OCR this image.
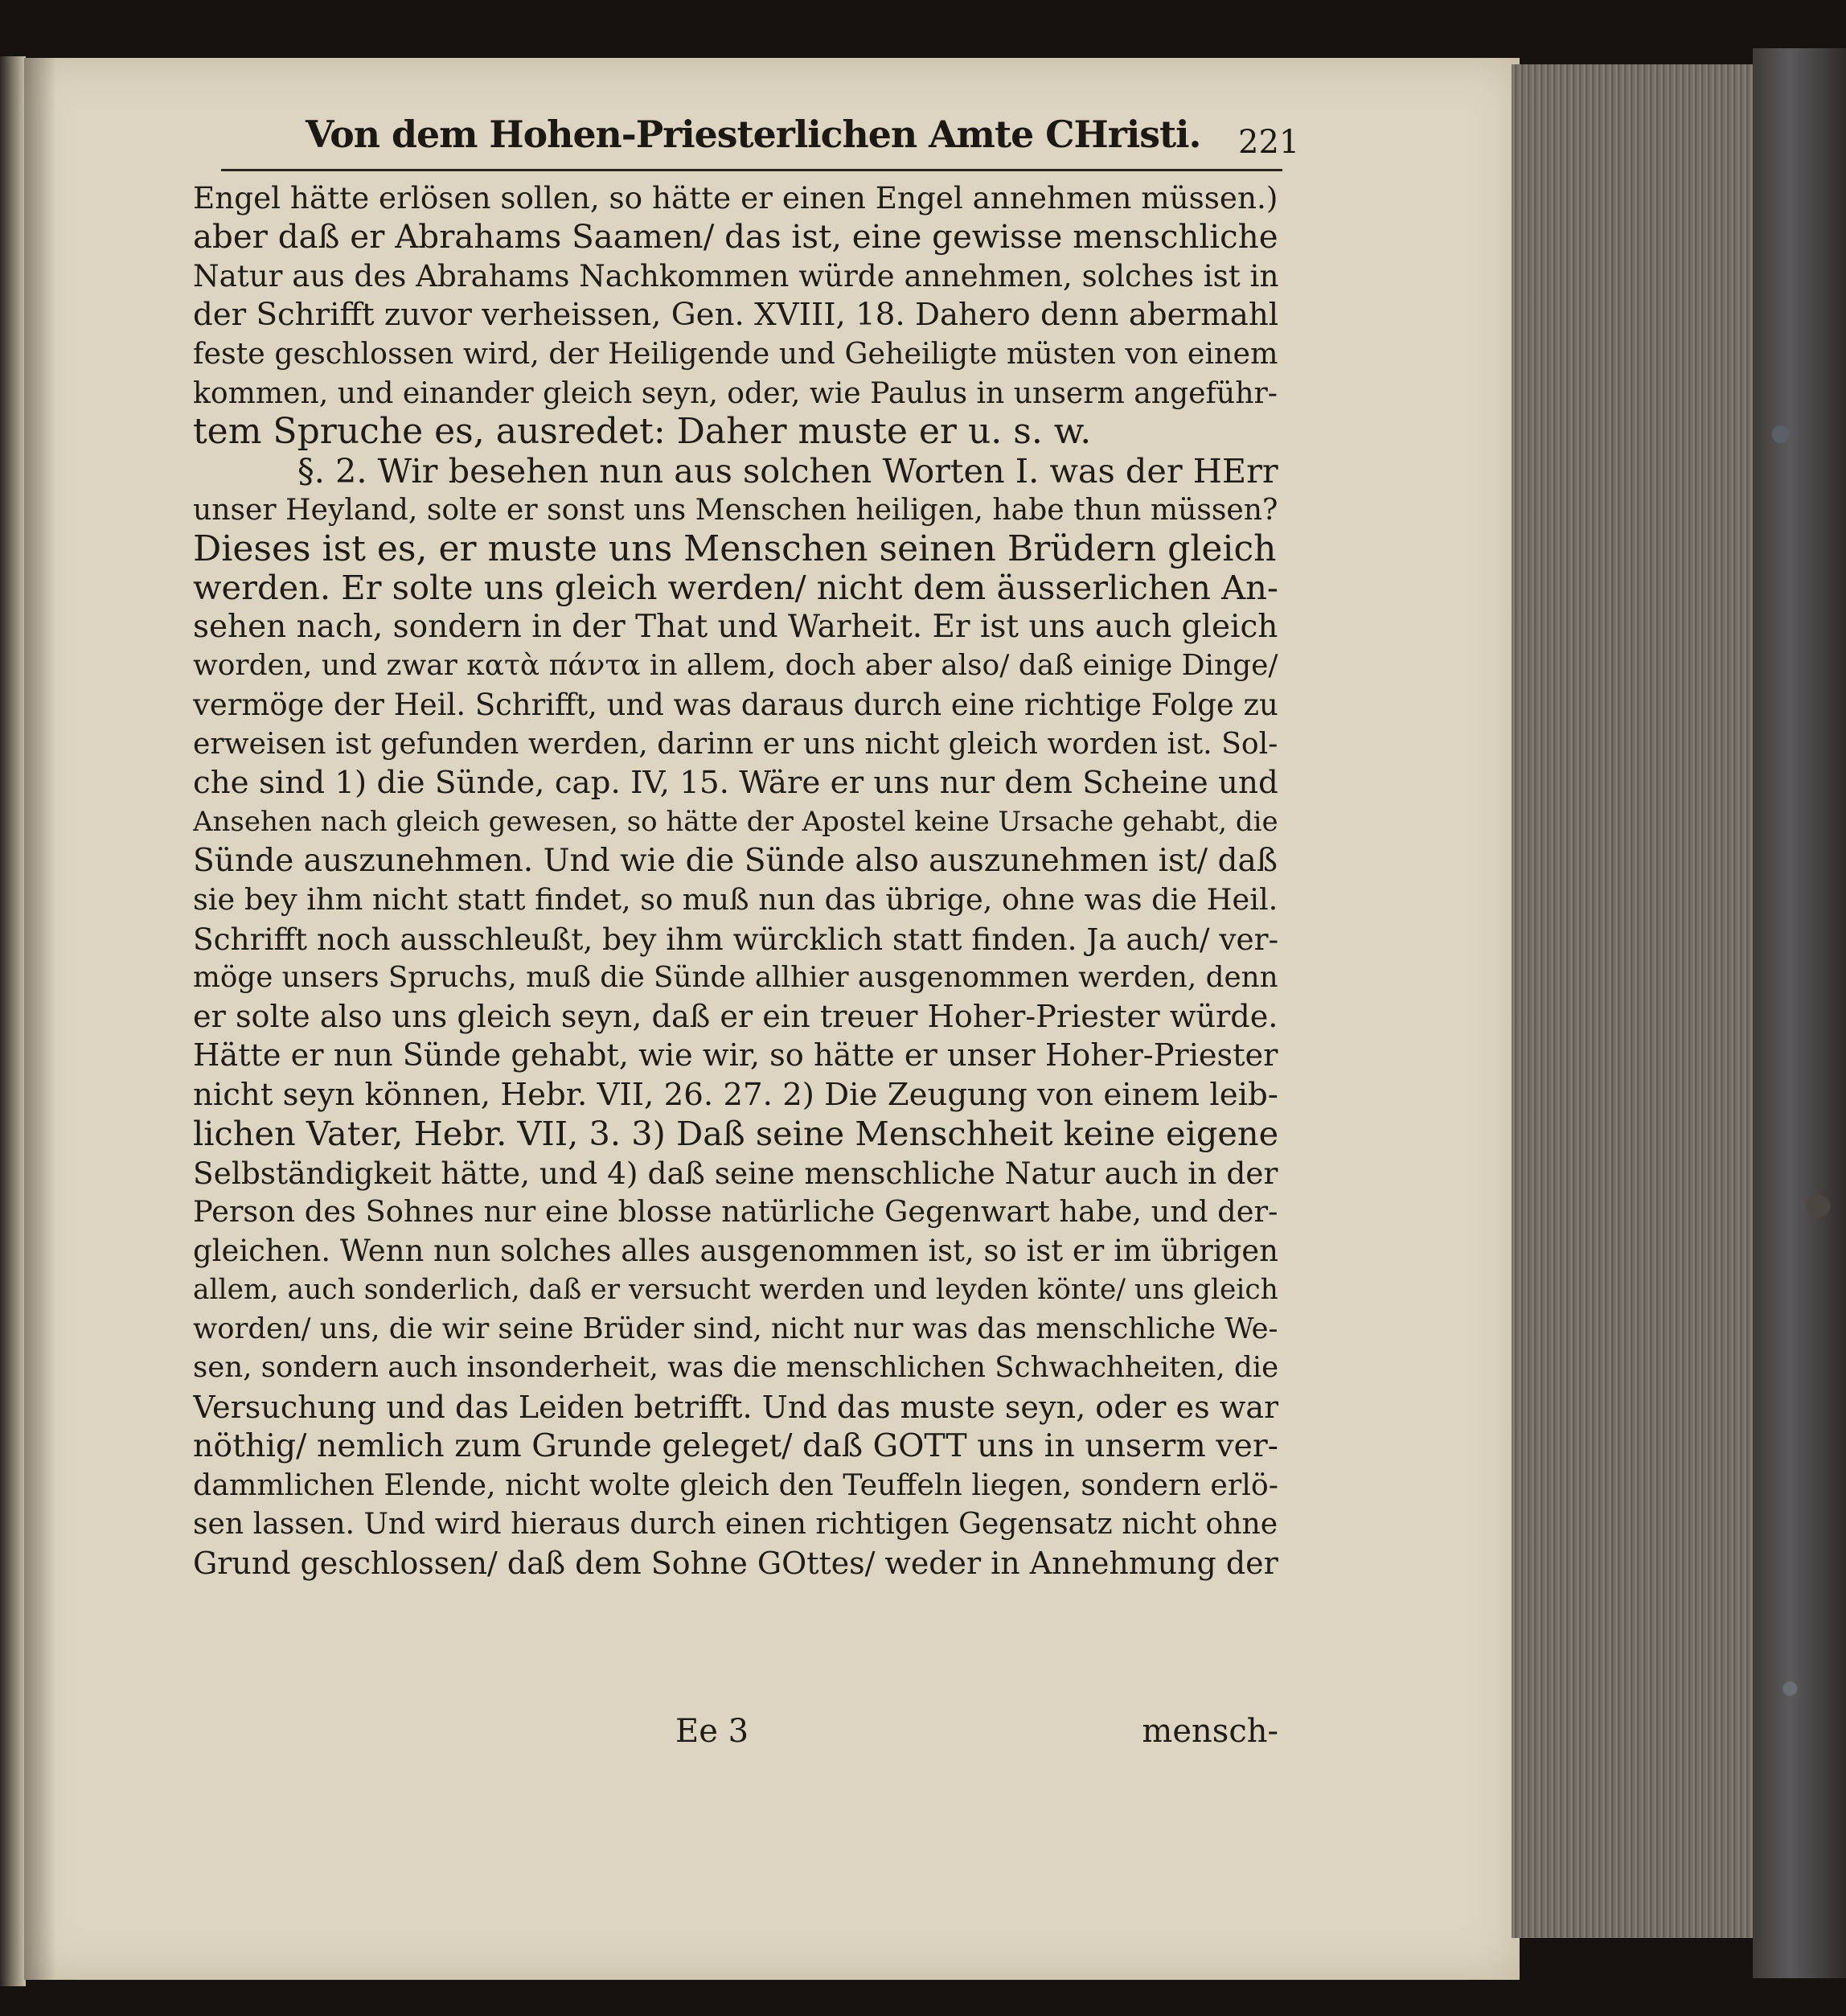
Von dem Hohen-Priesterlichen Amte CHristi. 221
Engel hätte erlösen sollen, so hätte er einen Engel annehmen müssen.)
aber daß er Abrahams Saamen/ das ist, eine gewisse menschliche
Natur aus des Abrahams Nachkommen würde annehmen, solches ist in
der Schrifft zuvor verheissen, Gen. XVIII, 18. Dahero denn abermahl
feste geschlossen wird, der Heiligende und Geheiligte müsten von einem
kommen, und einander gleich seyn, oder, wie Paulus in unserm angeführ-
tem Spruche es, ausredet: Daher muste er u. s. w.
§. 2. Wir besehen nun aus solchen Worten I. was der HErr
unser Heyland, solte er sonst uns Menschen heiligen, habe thun müssen?
Dieses ist es, er muste uns Menschen seinen Brüdern gleich
werden. Er solte uns gleich werden/ nicht dem äusserlichen An-
sehen nach, sondern in der That und Warheit. Er ist uns auch gleich
worden, und zwar κατὰ πάντα in allem, doch aber also/ daß einige Dinge/
vermöge der Heil. Schrifft, und was daraus durch eine richtige Folge zu
erweisen ist gefunden werden, darinn er uns nicht gleich worden ist. Sol-
che sind 1) die Sünde, cap. IV, 15. Wäre er uns nur dem Scheine und
Ansehen nach gleich gewesen, so hätte der Apostel keine Ursache gehabt, die
Sünde auszunehmen. Und wie die Sünde also auszunehmen ist/ daß
sie bey ihm nicht statt findet, so muß nun das übrige, ohne was die Heil.
Schrifft noch ausschleußt, bey ihm würcklich statt finden. Ja auch/ ver-
möge unsers Spruchs, muß die Sünde allhier ausgenommen werden, denn
er solte also uns gleich seyn, daß er ein treuer Hoher-Priester würde.
Hätte er nun Sünde gehabt, wie wir, so hätte er unser Hoher-Priester
nicht seyn können, Hebr. VII, 26. 27. 2) Die Zeugung von einem leib-
lichen Vater, Hebr. VII, 3. 3) Daß seine Menschheit keine eigene
Selbständigkeit hätte, und 4) daß seine menschliche Natur auch in der
Person des Sohnes nur eine blosse natürliche Gegenwart habe, und der-
gleichen. Wenn nun solches alles ausgenommen ist, so ist er im übrigen
allem, auch sonderlich, daß er versucht werden und leyden könte/ uns gleich
worden/ uns, die wir seine Brüder sind, nicht nur was das menschliche We-
sen, sondern auch insonderheit, was die menschlichen Schwachheiten, die
Versuchung und das Leiden betrifft. Und das muste seyn, oder es war
nöthig/ nemlich zum Grunde geleget/ daß GOTT uns in unserm ver-
dammlichen Elende, nicht wolte gleich den Teuffeln liegen, sondern erlö-
sen lassen. Und wird hieraus durch einen richtigen Gegensatz nicht ohne
Grund geschlossen/ daß dem Sohne GOttes/ weder in Annehmung der
Ee 3	mensch-
